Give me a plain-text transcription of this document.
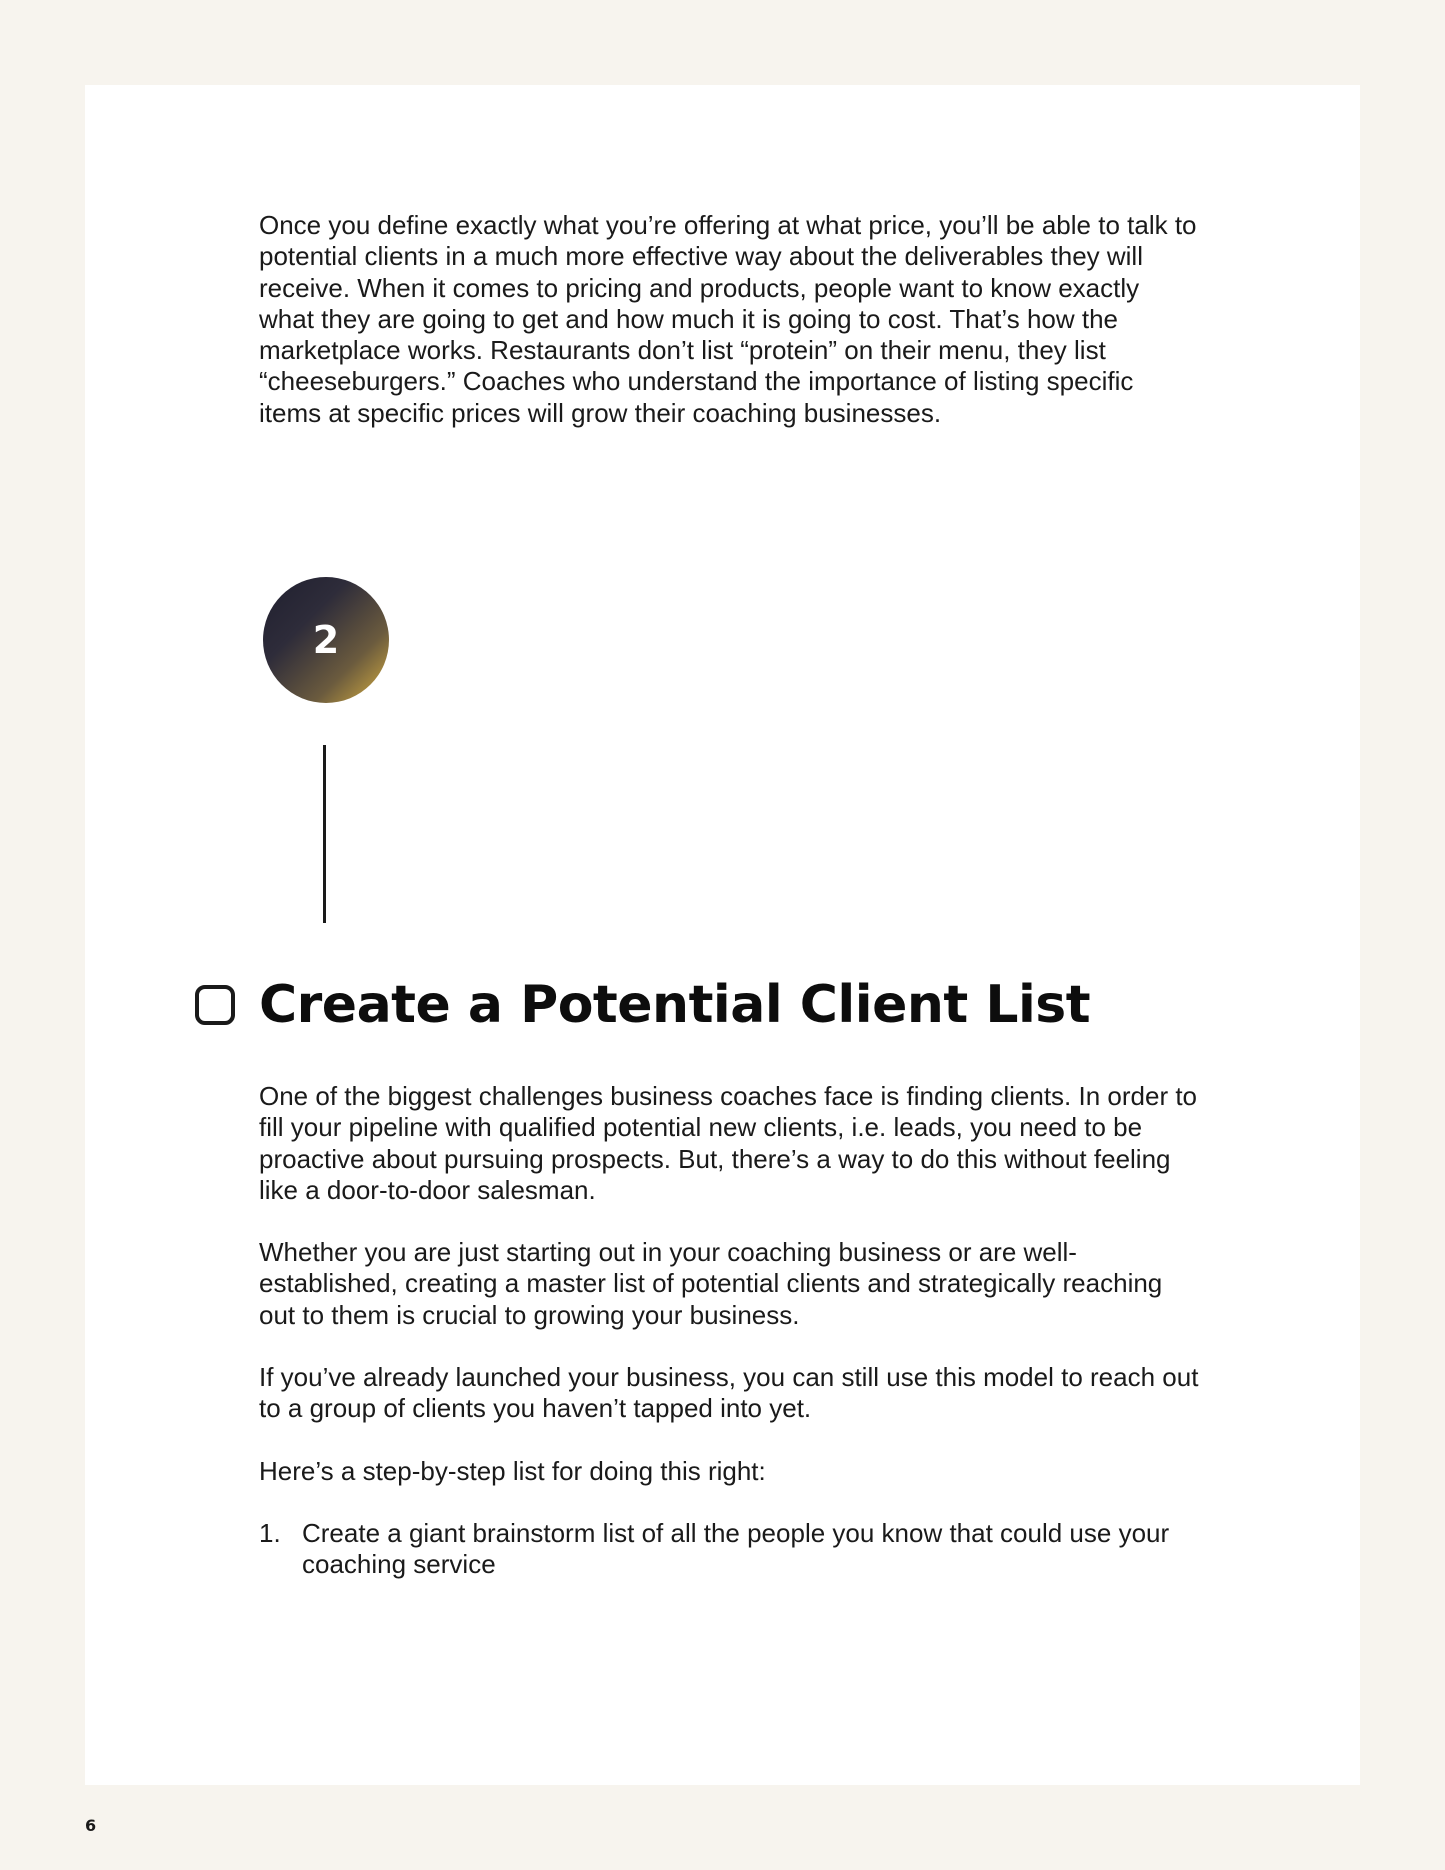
Once you define exactly what you’re offering at what price, you’ll be able to talk to potential clients in a much more effective way about the deliverables they will receive. When it comes to pricing and products, people want to know exactly what they are going to get and how much it is going to cost. That’s how the marketplace works. Restaurants don’t list “protein” on their menu, they list “cheeseburgers.” Coaches who understand the importance of listing specific items at specific prices will grow their coaching businesses.

2
Create a Potential Client List

One of the biggest challenges business coaches face is finding clients. In order to fill your pipeline with qualified potential new clients, i.e. leads, you need to be proactive about pursuing prospects. But, there’s a way to do this without feeling like a door-to-door salesman.

Whether you are just starting out in your coaching business or are well-established, creating a master list of potential clients and strategically reaching out to them is crucial to growing your business.

If you’ve already launched your business, you can still use this model to reach out to a group of clients you haven’t tapped into yet.

Here’s a step-by-step list for doing this right:

1. Create a giant brainstorm list of all the people you know that could use your coaching service
6
